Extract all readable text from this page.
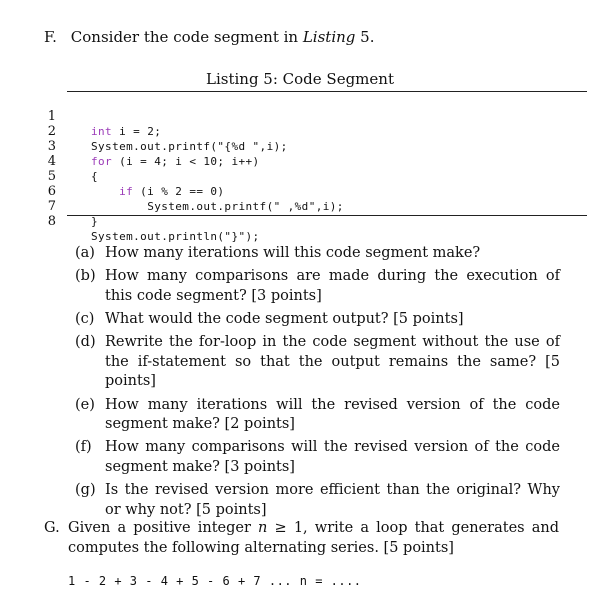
F. Consider the code segment in Listing 5.
Listing 5: Code Segment

1

int i = 2;

2

System.out.printf("{%d ",i);

3

for (i = 4; i < 10; i++)

4

{

5

if (i % 2 == 0)

6

System.out.printf(" ,%d",i);

7

}

8

System.out.println("}");

(a) How many iterations will this code segment make?
(b) How many comparisons are made during the execution of this code segment? [3 points]
(c) What would the code segment output? [5 points]
(d) Rewrite the for-loop in the code segment without the use of the if-statement so that the output remains the same? [5 points]
(e) How many iterations will the revised version of the code segment make? [2 points]
(f) How many comparisons will the revised version of the code segment make? [3 points]
(g) Is the revised version more efficient than the original? Why or why not? [5 points]
G. Given a positive integer n ≥ 1, write a loop that generates and computes the following alternating series. [5 points]
1 - 2 + 3 - 4 + 5 - 6 + 7 ... n = ....
